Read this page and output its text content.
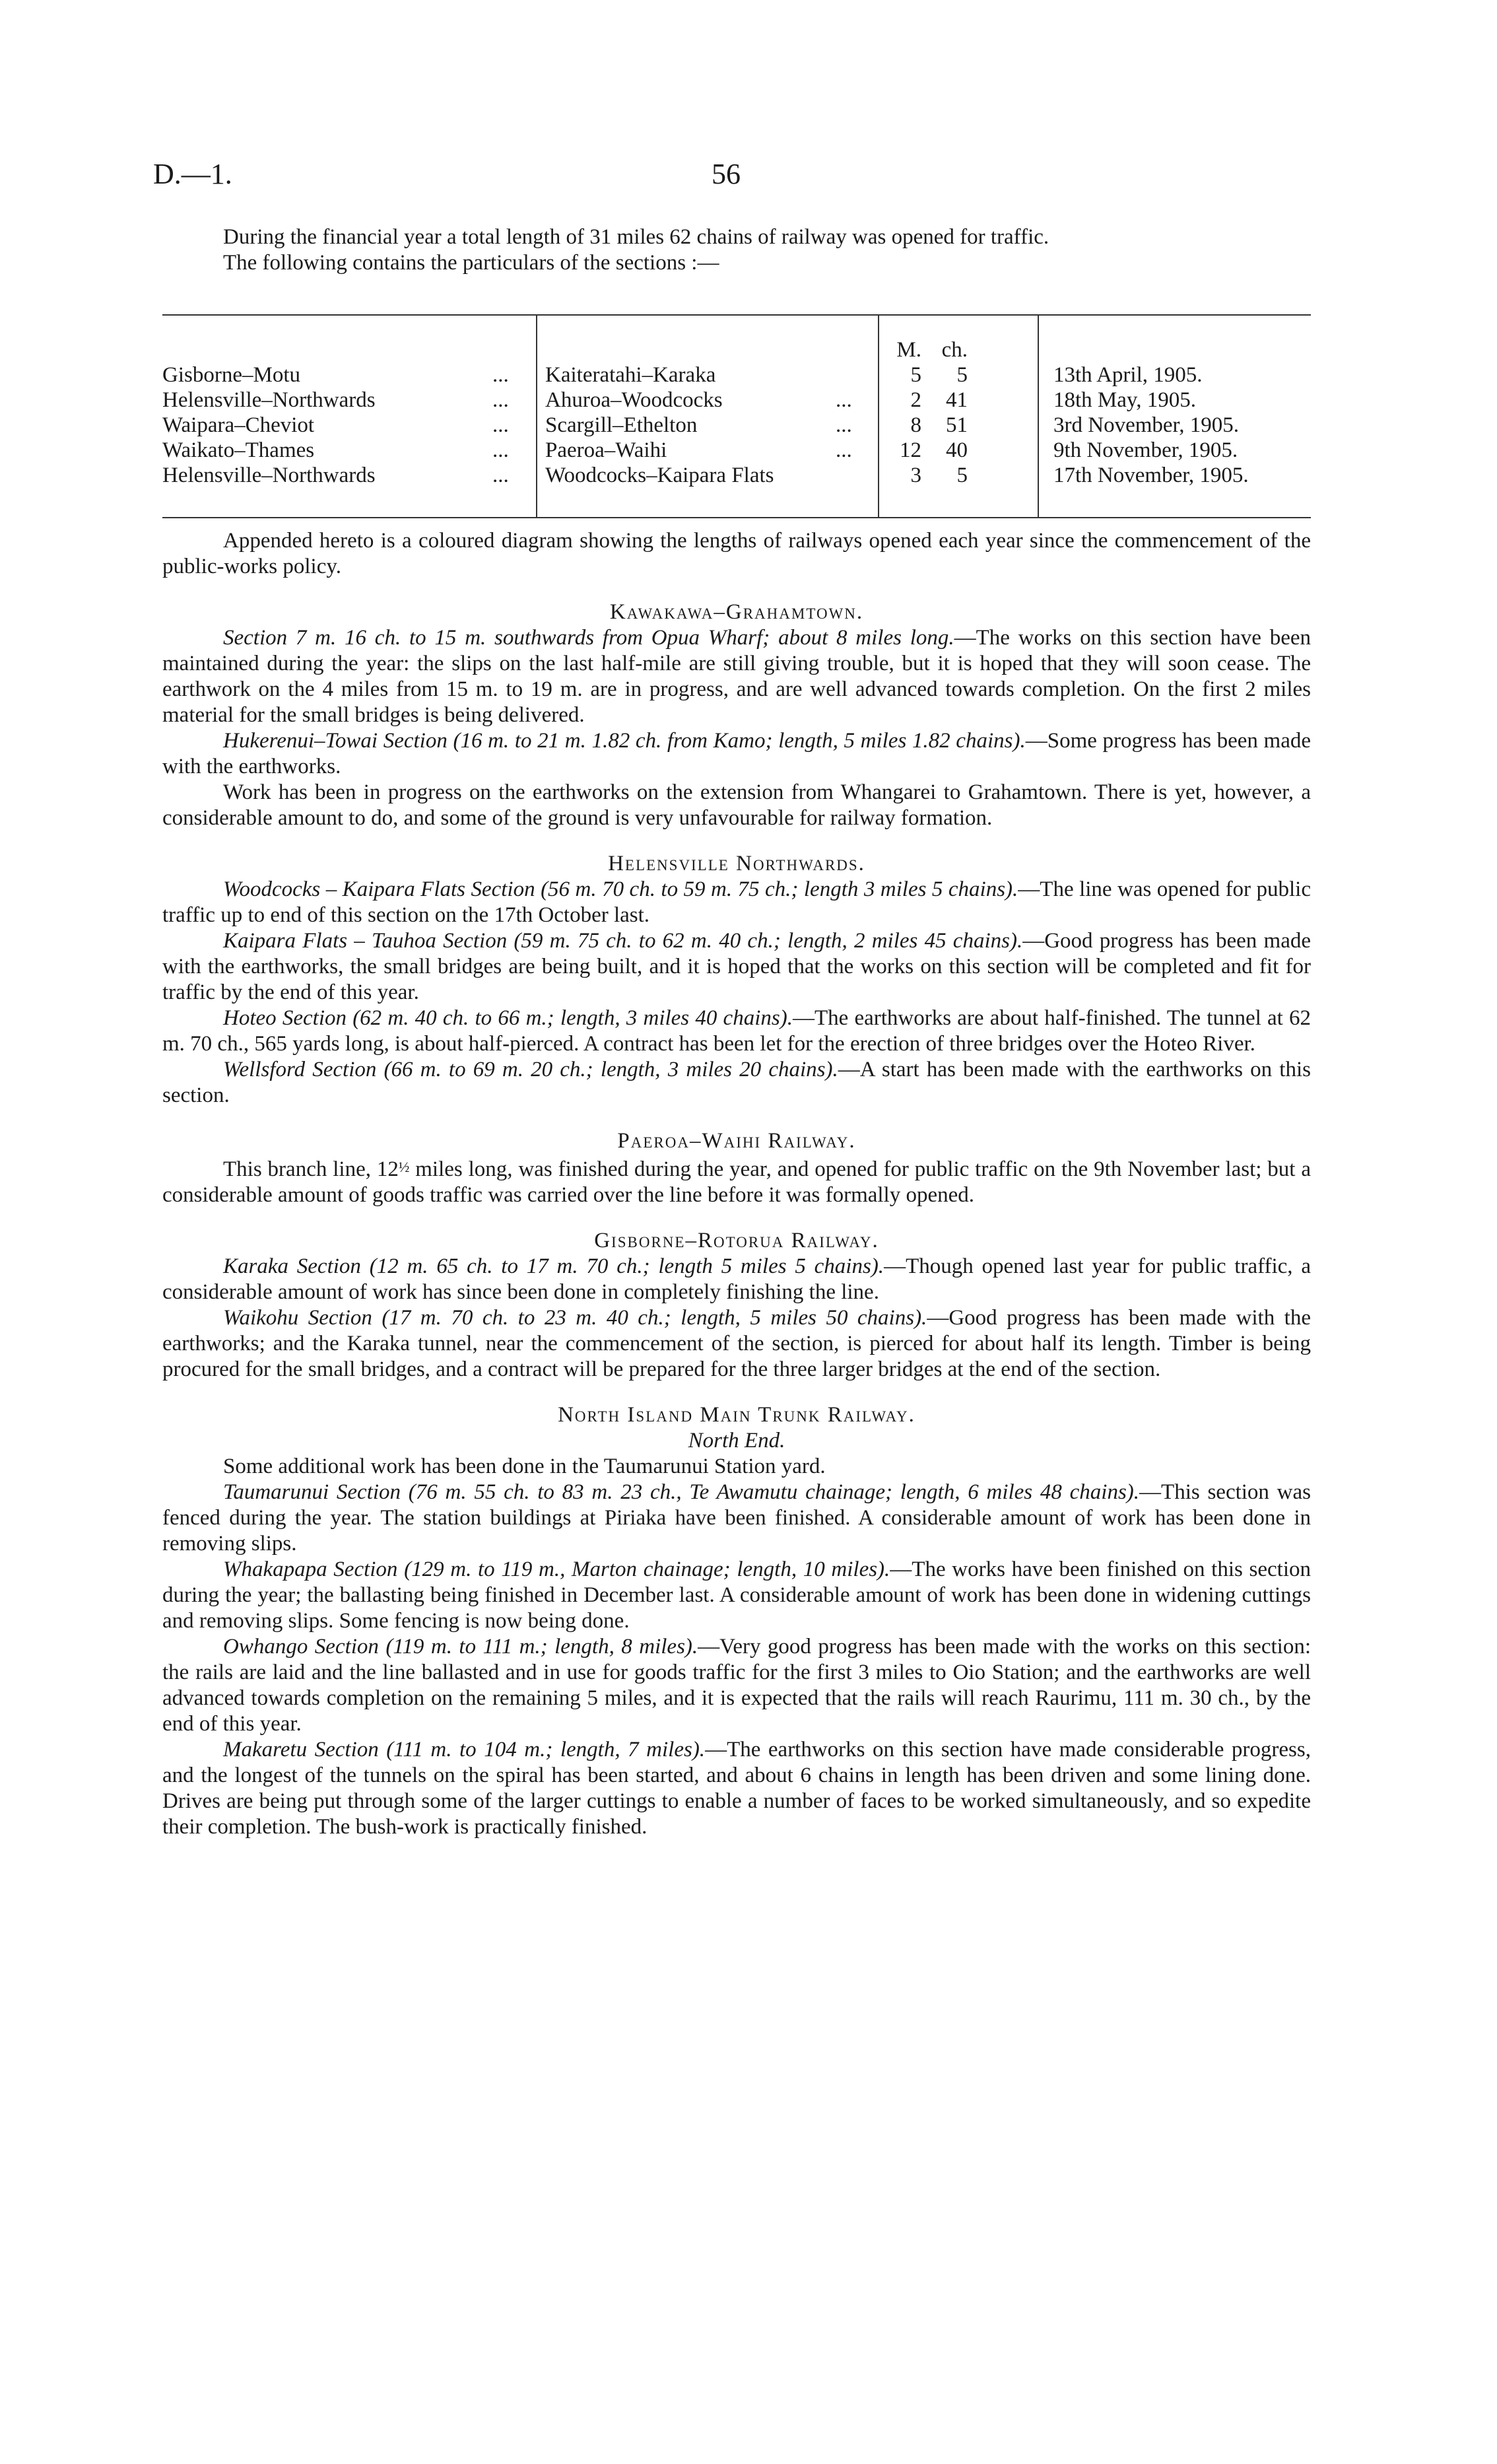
D.—1.	56

During the financial year a total length of 31 miles 62 chains of railway was opened for traffic.

The following contains the particulars of the sections :—

M. ch.
Gisborne–Motu	... Kaiteratahi–Karaka	5	5	13th April, 1905.
Helensville–Northwards	... Ahuroa–Woodcocks	...	2	41	18th May, 1905.
Waipara–Cheviot	... Scargill–Ethelton	...	8	51	3rd November, 1905.
Waikato–Thames	... Paeroa–Waihi	...	12	40	9th November, 1905.
Helensville–Northwards	... Woodcocks–Kaipara Flats	3	5	17th November, 1905.

Appended hereto is a coloured diagram showing the lengths of railways opened each year since the commencement of the public-works policy.

Kawakawa–Grahamtown.

Section 7 m. 16 ch. to 15 m. southwards from Opua Wharf; about 8 miles long.—The works on this section have been maintained during the year: the slips on the last half-mile are still giving trouble, but it is hoped that they will soon cease. The earthwork on the 4 miles from 15 m. to 19 m. are in progress, and are well advanced towards completion. On the first 2 miles material for the small bridges is being delivered.

Hukerenui–Towai Section (16 m. to 21 m. 1.82 ch. from Kamo; length, 5 miles 1.82 chains).—Some progress has been made with the earthworks.

Work has been in progress on the earthworks on the extension from Whangarei to Grahamtown. There is yet, however, a considerable amount to do, and some of the ground is very unfavourable for railway formation.

Helensville Northwards.

Woodcocks – Kaipara Flats Section (56 m. 70 ch. to 59 m. 75 ch.; length 3 miles 5 chains).—The line was opened for public traffic up to end of this section on the 17th October last.

Kaipara Flats – Tauhoa Section (59 m. 75 ch. to 62 m. 40 ch.; length, 2 miles 45 chains).—Good progress has been made with the earthworks, the small bridges are being built, and it is hoped that the works on this section will be completed and fit for traffic by the end of this year.

Hoteo Section (62 m. 40 ch. to 66 m.; length, 3 miles 40 chains).—The earthworks are about half-finished. The tunnel at 62 m. 70 ch., 565 yards long, is about half-pierced. A contract has been let for the erection of three bridges over the Hoteo River.

Wellsford Section (66 m. to 69 m. 20 ch.; length, 3 miles 20 chains).—A start has been made with the earthworks on this section.

Paeroa–Waihi Railway.

This branch line, 12½ miles long, was finished during the year, and opened for public traffic on the 9th November last; but a considerable amount of goods traffic was carried over the line before it was formally opened.

Gisborne–Rotorua Railway.

Karaka Section (12 m. 65 ch. to 17 m. 70 ch.; length 5 miles 5 chains).—Though opened last year for public traffic, a considerable amount of work has since been done in completely finishing the line.

Waikohu Section (17 m. 70 ch. to 23 m. 40 ch.; length, 5 miles 50 chains).—Good progress has been made with the earthworks; and the Karaka tunnel, near the commencement of the section, is pierced for about half its length. Timber is being procured for the small bridges, and a contract will be prepared for the three larger bridges at the end of the section.

North Island Main Trunk Railway.

North End.

Some additional work has been done in the Taumarunui Station yard.

Taumarunui Section (76 m. 55 ch. to 83 m. 23 ch., Te Awamutu chainage; length, 6 miles 48 chains).—This section was fenced during the year. The station buildings at Piriaka have been finished. A considerable amount of work has been done in removing slips.

Whakapapa Section (129 m. to 119 m., Marton chainage; length, 10 miles).—The works have been finished on this section during the year; the ballasting being finished in December last. A considerable amount of work has been done in widening cuttings and removing slips. Some fencing is now being done.

Owhango Section (119 m. to 111 m.; length, 8 miles).—Very good progress has been made with the works on this section: the rails are laid and the line ballasted and in use for goods traffic for the first 3 miles to Oio Station; and the earthworks are well advanced towards completion on the remaining 5 miles, and it is expected that the rails will reach Raurimu, 111 m. 30 ch., by the end of this year.

Makaretu Section (111 m. to 104 m.; length, 7 miles).—The earthworks on this section have made considerable progress, and the longest of the tunnels on the spiral has been started, and about 6 chains in length has been driven and some lining done. Drives are being put through some of the larger cuttings to enable a number of faces to be worked simultaneously, and so expedite their completion. The bush-work is practically finished.
